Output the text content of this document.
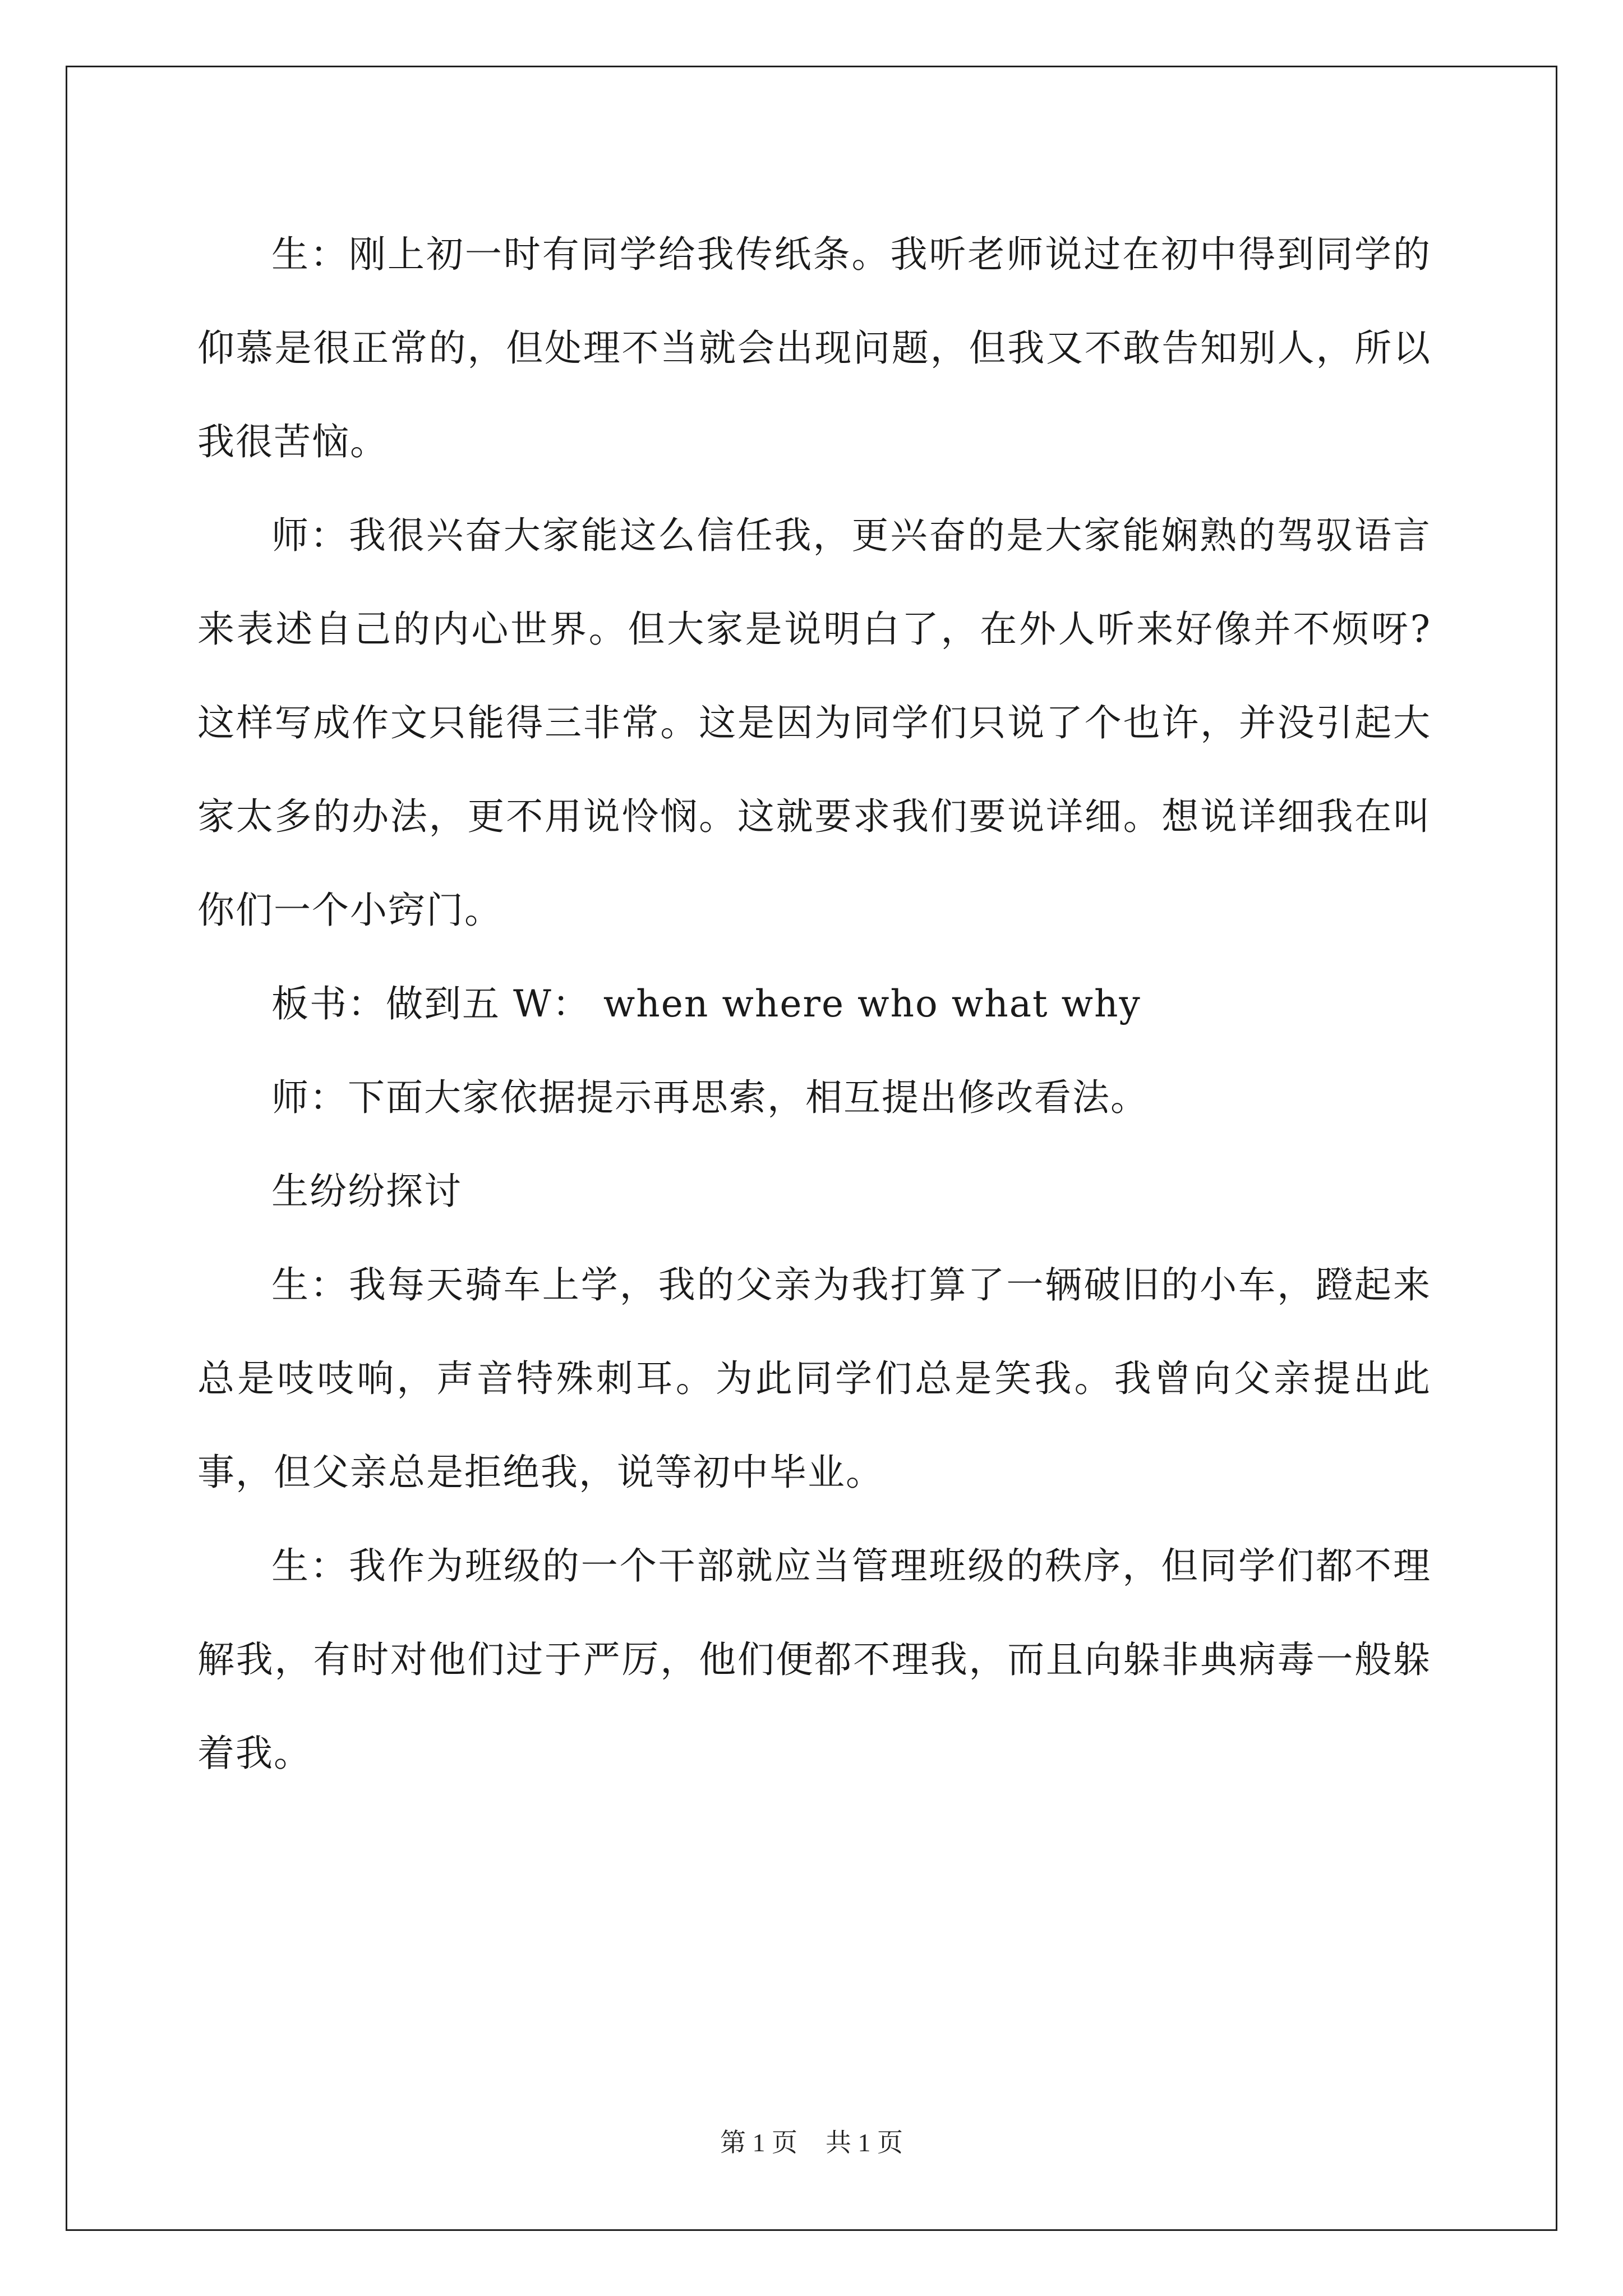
生：刚上初一时有同学给我传纸条。我听老师说过在初中得到同学的仰慕是很正常的，但处理不当就会出现问题，但我又不敢告知别人，所以我很苦恼。

师：我很兴奋大家能这么信任我，更兴奋的是大家能娴熟的驾驭语言来表述自己的内心世界。但大家是说明白了，在外人听来好像并不烦呀?这样写成作文只能得三非常。这是因为同学们只说了个也许，并没引起大家太多的办法，更不用说怜悯。这就要求我们要说详细。想说详细我在叫你们一个小窍门。

板书：做到五 W： when where who what why

师：下面大家依据提示再思索，相互提出修改看法。

生纷纷探讨

生：我每天骑车上学，我的父亲为我打算了一辆破旧的小车，蹬起来总是吱吱响，声音特殊刺耳。为此同学们总是笑我。我曾向父亲提出此事，但父亲总是拒绝我，说等初中毕业。

生：我作为班级的一个干部就应当管理班级的秩序，但同学们都不理解我，有时对他们过于严厉，他们便都不理我，而且向躲非典病毒一般躲着我。

第 1 页 共 1 页
